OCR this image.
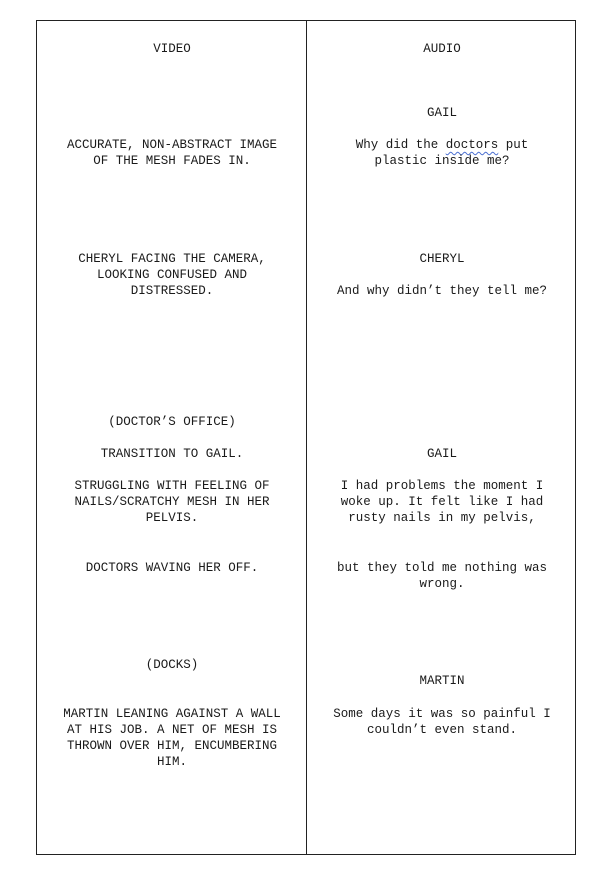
VIDEO	AUDIO
ACCURATE, NON-ABSTRACT IMAGE
OF THE MESH FADES IN.
CHERYL FACING THE CAMERA,
LOOKING CONFUSED AND
DISTRESSED.
(DOCTOR’S OFFICE)
TRANSITION TO GAIL.
STRUGGLING WITH FEELING OF
NAILS/SCRATCHY MESH IN HER
PELVIS.
DOCTORS WAVING HER OFF.
(DOCKS)
MARTIN LEANING AGAINST A WALL
AT HIS JOB. A NET OF MESH IS
THROWN OVER HIM, ENCUMBERING
HIM.
GAIL
Why did the doctors put
plastic inside me?
CHERYL
And why didn’t they tell me?
GAIL
I had problems the moment I
woke up. It felt like I had
rusty nails in my pelvis,
but they told me nothing was
wrong.
MARTIN
Some days it was so painful I
couldn’t even stand.
